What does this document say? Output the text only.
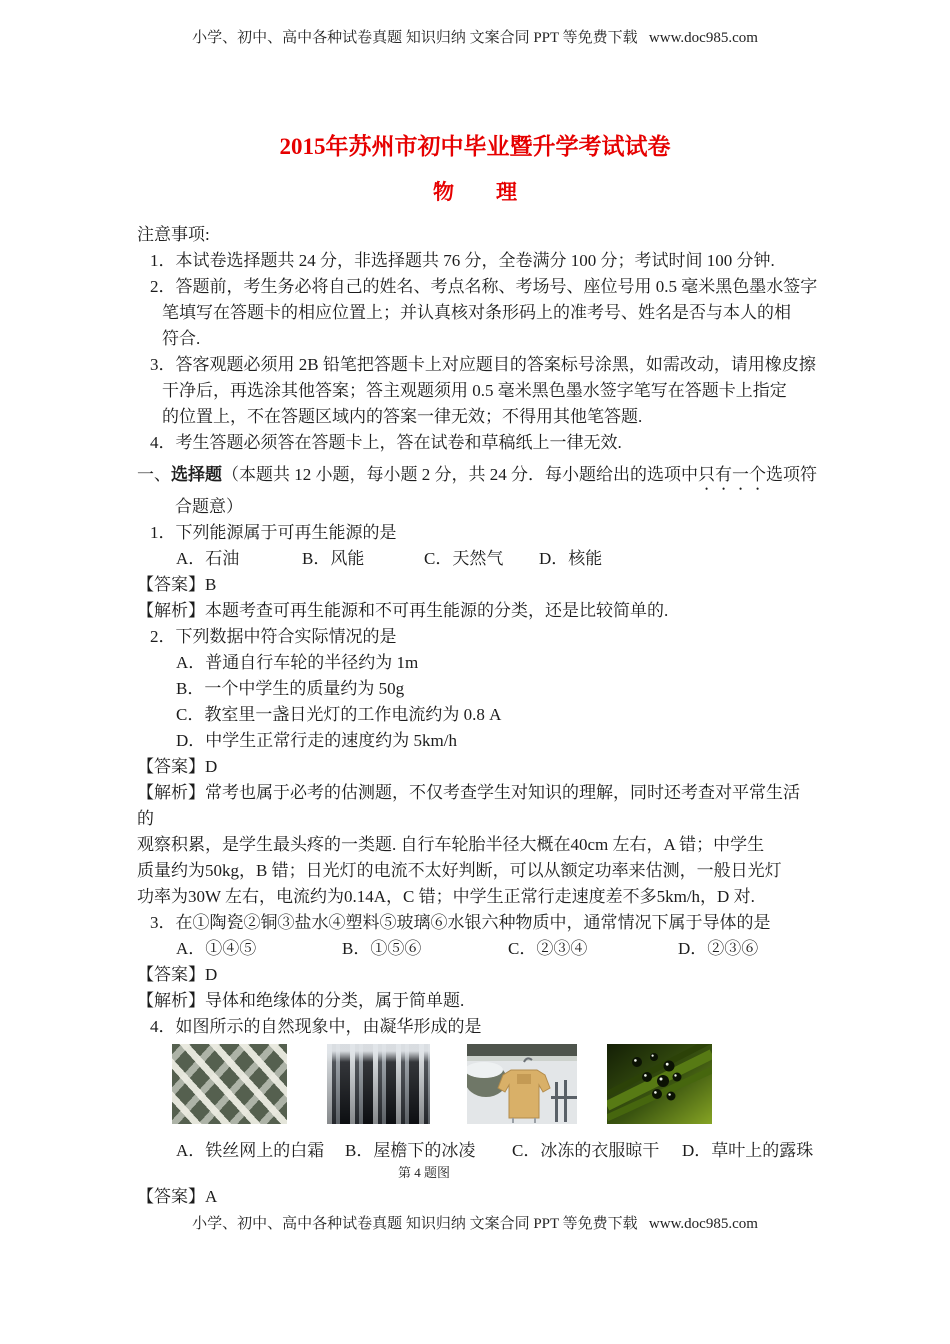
小学、初中、高中各种试卷真题 知识归纳 文案合同 PPT 等免费下载   www.doc985.com
2015年苏州市初中毕业暨升学考试试卷
物　　理
注意事项:
1．本试卷选择题共 24 分，非选择题共 76 分，全卷满分 100 分；考试时间 100 分钟.
2．答题前，考生务必将自己的姓名、考点名称、考场号、座位号用 0.5 毫米黑色墨水签字
笔填写在答题卡的相应位置上；并认真核对条形码上的准考号、姓名是否与本人的相
符合.
3．答客观题必须用 2B 铅笔把答题卡上对应题目的答案标号涂黑，如需改动，请用橡皮擦
干净后，再选涂其他答案；答主观题须用 0.5 毫米黑色墨水签字笔写在答题卡上指定
的位置上，不在答题区域内的答案一律无效；不得用其他笔答题.
4．考生答题必须答在答题卡上，答在试卷和草稿纸上一律无效.
一、选择题（本题共 12 小题，每小题 2 分，共 24 分．每小题给出的选项中只有一个选项符
合题意）
1．下列能源属于可再生能源的是
A．石油	B．风能	C．天然气 D．核能
【答案】B
【解析】本题考查可再生能源和不可再生能源的分类，还是比较简单的.
2．下列数据中符合实际情况的是
A．普通自行车轮的半径约为 1m
B．一个中学生的质量约为 50g
C．教室里一盏日光灯的工作电流约为 0.8 A
D．中学生正常行走的速度约为 5km/h
【答案】D
【解析】常考也属于必考的估测题，不仅考查学生对知识的理解，同时还考查对平常生活
的
观察积累，是学生最头疼的一类题. 自行车轮胎半径大概在40cm 左右，A 错；中学生
质量约为50kg，B 错；日光灯的电流不太好判断，可以从额定功率来估测，一般日光灯
功率为30W 左右，电流约为0.14A，C 错；中学生正常行走速度差不多5km/h，D 对.
3．在①陶瓷②铜③盐水④塑料⑤玻璃⑥水银六种物质中，通常情况下属于导体的是
A．①④⑤	B．①⑤⑥	C．②③④	D．②③⑥
【答案】D
【解析】导体和绝缘体的分类，属于简单题.
4．如图所示的自然现象中，由凝华形成的是
A．铁丝网上的白霜 B．屋檐下的冰凌 C．冰冻的衣服晾干 D．草叶上的露珠
第 4 题图
【答案】A
小学、初中、高中各种试卷真题 知识归纳 文案合同 PPT 等免费下载   www.doc985.com
